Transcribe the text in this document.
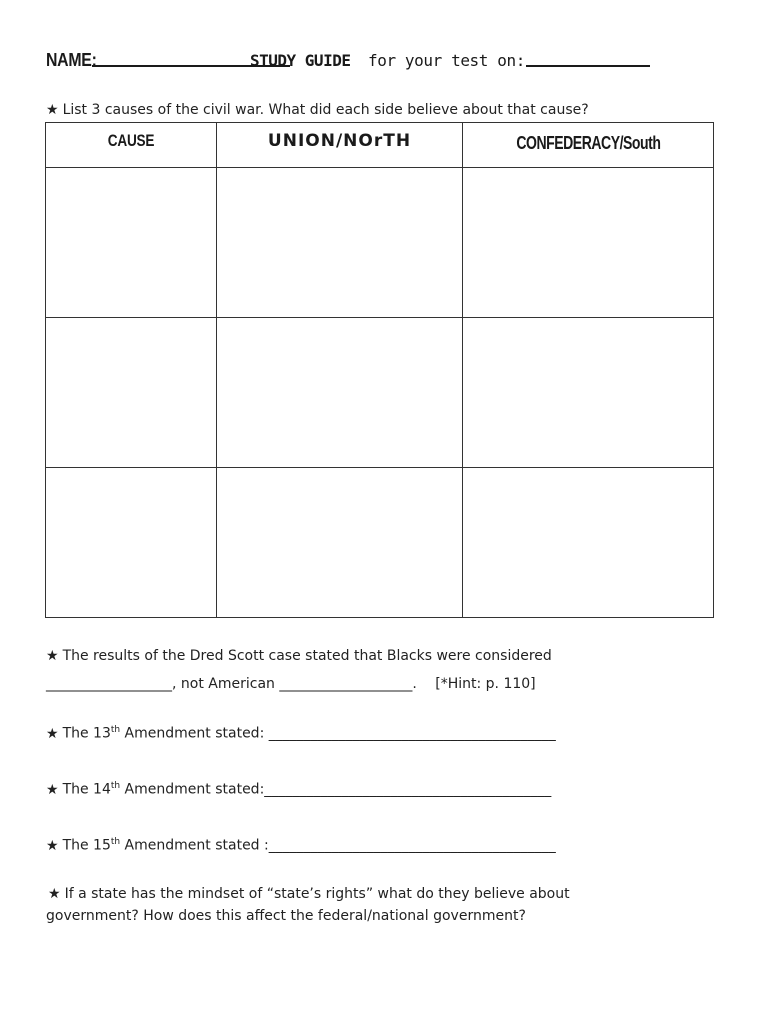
NAME:	STUDY GUIDE for your test on:
★ List 3 causes of the civil war. What did each side believe about that cause?
CAUSE	UNION/NOrTH	CONFEDERACY/South

★ The results of the Dred Scott case stated that Blacks were considered
__________________, not American ___________________. [*Hint: p. 110]
★ The 13th Amendment stated: _________________________________________
★ The 14th Amendment stated:_________________________________________
★ The 15th Amendment stated :_________________________________________
★ If a state has the mindset of “state’s rights” what do they believe about
government? How does this affect the federal/national government?
